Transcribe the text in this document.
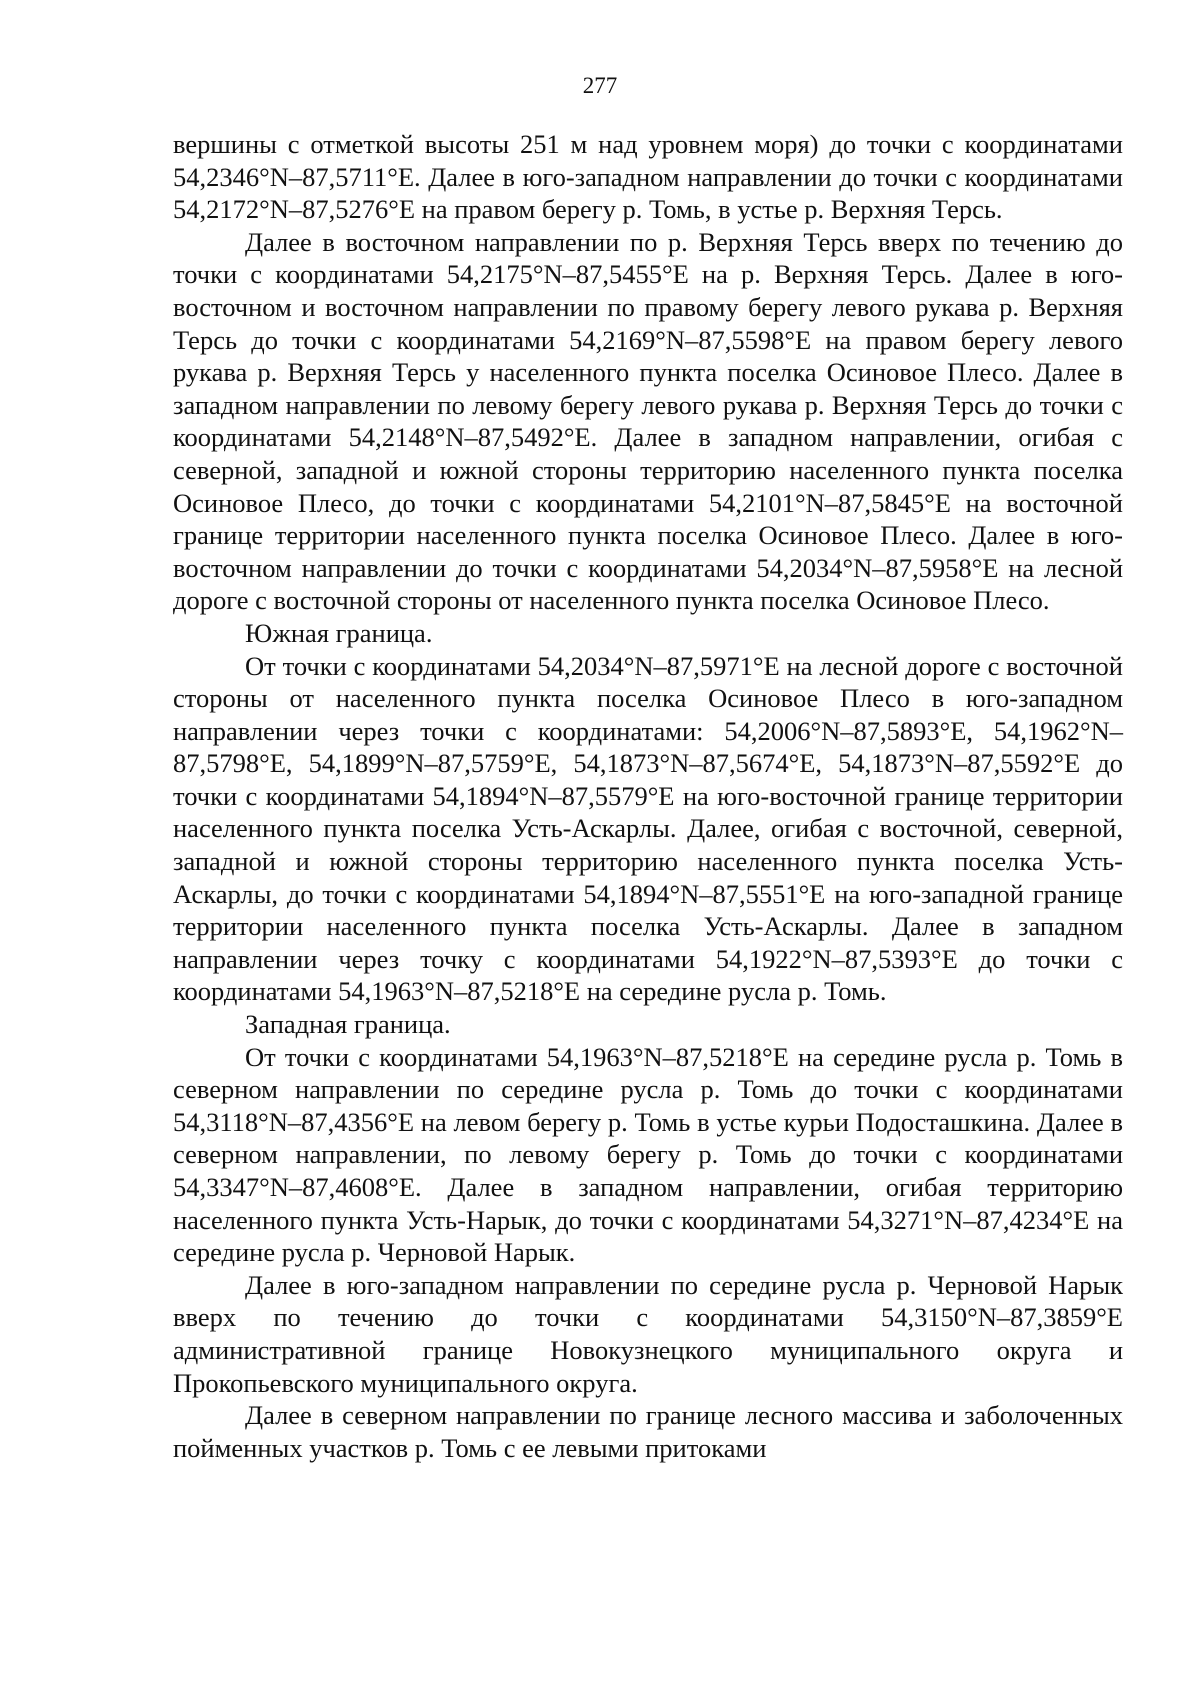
277

вершины с отметкой высоты 251 м над уровнем моря) до точки с координатами 54,2346°N–87,5711°E. Далее в юго-западном направлении до точки с координатами 54,2172°N–87,5276°E на правом берегу р. Томь, в устье р. Верхняя Терсь.

Далее в восточном направлении по р. Верхняя Терсь вверх по течению до точки с координатами 54,2175°N–87,5455°E на р. Верхняя Терсь. Далее в юго-восточном и восточном направлении по правому берегу левого рукава р. Верхняя Терсь до точки с координатами 54,2169°N–87,5598°E на правом берегу левого рукава р. Верхняя Терсь у населенного пункта поселка Осиновое Плесо. Далее в западном направлении по левому берегу левого рукава р. Верхняя Терсь до точки с координатами 54,2148°N–87,5492°E. Далее в западном направлении, огибая с северной, западной и южной стороны территорию населенного пункта поселка Осиновое Плесо, до точки с координатами 54,2101°N–87,5845°E на восточной границе территории населенного пункта поселка Осиновое Плесо. Далее в юго-восточном направлении до точки с координатами 54,2034°N–87,5958°E на лесной дороге с восточной стороны от населенного пункта поселка Осиновое Плесо.

Южная граница.

От точки с координатами 54,2034°N–87,5971°E на лесной дороге с восточной стороны от населенного пункта поселка Осиновое Плесо в юго-западном направлении через точки с координатами: 54,2006°N–87,5893°E, 54,1962°N–87,5798°E, 54,1899°N–87,5759°E, 54,1873°N–87,5674°E, 54,1873°N–87,5592°E до точки с координатами 54,1894°N–87,5579°E на юго-восточной границе территории населенного пункта поселка Усть-Аскарлы. Далее, огибая с восточной, северной, западной и южной стороны территорию населенного пункта поселка Усть-Аскарлы, до точки с координатами 54,1894°N–87,5551°E на юго-западной границе территории населенного пункта поселка Усть-Аскарлы. Далее в западном направлении через точку с координатами 54,1922°N–87,5393°E до точки с координатами 54,1963°N–87,5218°E на середине русла р. Томь.

Западная граница.

От точки с координатами 54,1963°N–87,5218°E на середине русла р. Томь в северном направлении по середине русла р. Томь до точки с координатами 54,3118°N–87,4356°E на левом берегу р. Томь в устье курьи Подосташкина. Далее в северном направлении, по левому берегу р. Томь до точки с координатами 54,3347°N–87,4608°E. Далее в западном направлении, огибая территорию населенного пункта Усть-Нарык, до точки с координатами 54,3271°N–87,4234°E на середине русла р. Черновой Нарык.

Далее в юго-западном направлении по середине русла р. Черновой Нарык вверх по течению до точки с координатами 54,3150°N–87,3859°E административной границе Новокузнецкого муниципального округа и Прокопьевского муниципального округа.

Далее в северном направлении по границе лесного массива и заболоченных пойменных участков р. Томь с ее левыми притоками
